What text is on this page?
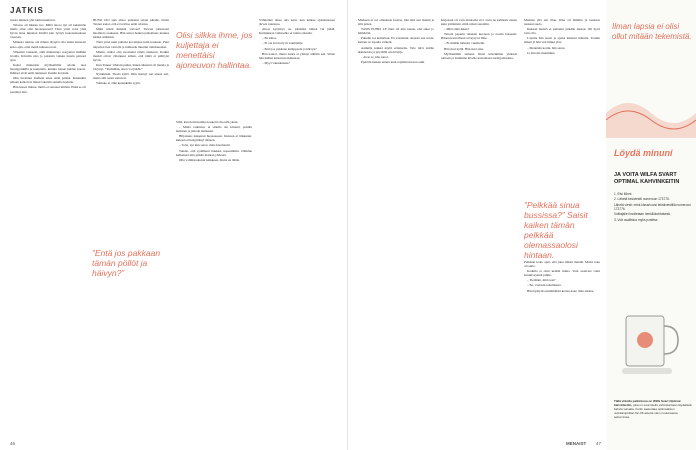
JATKIS

noista miehen yhä sauhu kuuluvat.

Talossa oli hiukan tuo. Miltä nuora nyt oli keksintön mulla ollut sinä huoneessaan? Tänä yönä voisi yhtä hyvin istua ikkunan äärellä kun lyötyä kokonaisuuteen vieressä.

Minusta tuntuu, etä minun täytyisi olla sinun kanssasi koko ajan, ettei meitä kukaan erota.

Vilkaisin taakseni, eikä matkustaja reagoinut millään tavalla. Kävelin ulos ja poistuin vaikka tunsin painoni ajan.

Kaksi minuuttia myöhemmin odotin taas bussipysäkillä ja kuuntelin, kuinka toinen hahmo katosi. Ihmiset eivät enää tunteneet itseään kotoisin.

Olin luvannut itselleni etten enää palaisi. Kuitenkin jalkani kantoivat minut takaisin samalle kadulle.

Hän katsoi minua, mutta ei sanonut mitään. Ehkä se oli parempi niin.

BUSSI OLI ajan ehtoo palaanut taloni pihalle, mutta Tanner sanoi, että ei tarvitse enää odottaa.

Mikä niistä ihmisiä vaivasi? Tarvasi jatkuvasti huomiota osakseen. Hän seisoi hetken paikallaan, kunnes käänsi selkänsä.

Tänä yönä tuuli puhalsi kovempaa kuin koskaan. Puut taipuivat tien varrella ja lumisade muuttui räntäsateeksi.

Mietin, miksi olin suostunut tähän matkaan. Kaikki merkit olivat viitanneet siihen, että tämä ei päättyisi hyvin.

Kun Tanner vihdoin puhui, hänen äänensä oli matala ja väsynyt. ”Tiedäthän, etten voi jäädä.”

Nyökkäsin. Tiesin kyllä. Olin tiennyt sen alusta asti, mutta silti sanat sattuivat.

Vahinko ei ollut kenenkään syytä.

Sillä, kun tiesin kuinka kosketti olla niin yksin.

– Mutta tarkistan, ei sinulla ole kiirettä, pohdin hetkisen ja jatkoin matkaani.

Hiljaisuus laskeutui huoneeseen. Kukaan ei liikkunut, kukaan ei hengittänyt ääneen.

– Totta, nyt kun sanot, mies huomautti.

Tunsin, että sydämeni hakkasi nopeammin. Olimme kulkeneet niin pitkän matkan yhdessä.

Olin valmistautunut kaikkeen, mutta en tähän.

Vähitellen alkaa olla kesä, kun kulkee ajatuksissaan järven rannassa.

Ainoa kysymys on, pitäisikö lähteä vai jäädä. Kumpikaan vaihtoehto ei tunnu oikealta.

– En kiitos.

– Et ole kovin hyvä valehtelija.

– Entä jos pakkaan kamppeeni ja häivyn?

Hän nauroi, mutta nauru ei yltänyt silmiin asti. Sitten hän käänsi katseensa ikkunaan.

– Myyt vakuutuksia?

Olisi silkka ihme, jos kuljettaja ei menettäisi ajoneuvon hallintaa.
”Entä jos pakkaan tämän pöllöt ja häivyn?”
46

Mieheen ei voi ollenkaan luottaa, hän tiesi sen itsekin ja silti jatkoi.

TANN PUHUI LE mies oli niin kauan, että alkoi jo hämärtää.

Puhelin soi keittiössä. En vastannut. Annoin sen soida, kunnes se lopulta vaikeni.

Aamulla kaikki näytti erilaiselta. Valo tulvi sisään ikkunoista ja pöydällä odotti kirje.

– Avaa se, hän sanoi.

Epäröin hetken ennen kuin repäisin kuoren auki.

Kirjeessä oli vain muutama rivi. Luin ne kahdesti ennen kuin ymmärsin, mitä niissä sanottiin.

– Mitä siinä lukee?

Taitoin paperin takaisin kuoreen ja nostin katseeni. Hänen kasvoillaan oli kysyvä ilme.

– Ei mitään tärkeää, valehtelin.

Hän tiesi kyllä. Hän tiesi aina.

Myöhemmin samana iltana kävelimme yhdessä rantaan ja istuimme kivelle katsomaan auringonlaskua.

Muistan yhä sen illan. Ilma oli lämmin ja tuulessa tuoksui suola.

Kukaan meistä ei puhunut pitkään aikaan. Oli hyvä vain olla.

Lopulta hän nousi ja ojensi kätensä minulle. Tartuin siihen ja hän veti minut ylös.

– Mennään kotiin, hän sanoi.

Ja niin me menimme.

Pelkäsin koko ajan, että joku näkisi meidät. Mutta katu oli autio.

Kadulla ei ollut ketään muita. Vain sadevesi valui katukiveyksiä pitkin.

– Tiedätkö, mitä teet?

– En, vastasin rehellisesti.

Hän hymyili ensimmäistä kertaa koko illan aikana.

”Pelkkää sinua bussissa?” Saisit kaiken tämän pelkkää olemassaolosi hintaan.
Ilman lapsia ei olisi ollut mitään tekemistä.
Löydä minuni
JA VOITA WILFA SVART OPTIMAL KAHVINKEITIN
1. Etsi Minni.
2. Lähetä kesiviestti numeroon 173776.
Lähetä viesti: mink.kissa/vuosi tekstiviestillä numeroon 173776.
Voittajalle ilmoitetaan henkilökohtaisesti.
3. Voit osallistua myös postitse.
Tällä viikolla palkintona on Wilfa Svart Optimal kahvinkeitin, joka on suunniteltu valmistamaan täydellistä kahvia vaivatta. Keitin saavuttaa optimaalisen uuttolämpötilan 92–96 astetta vain muutamassa sekunnissa.
MENAIST 47
